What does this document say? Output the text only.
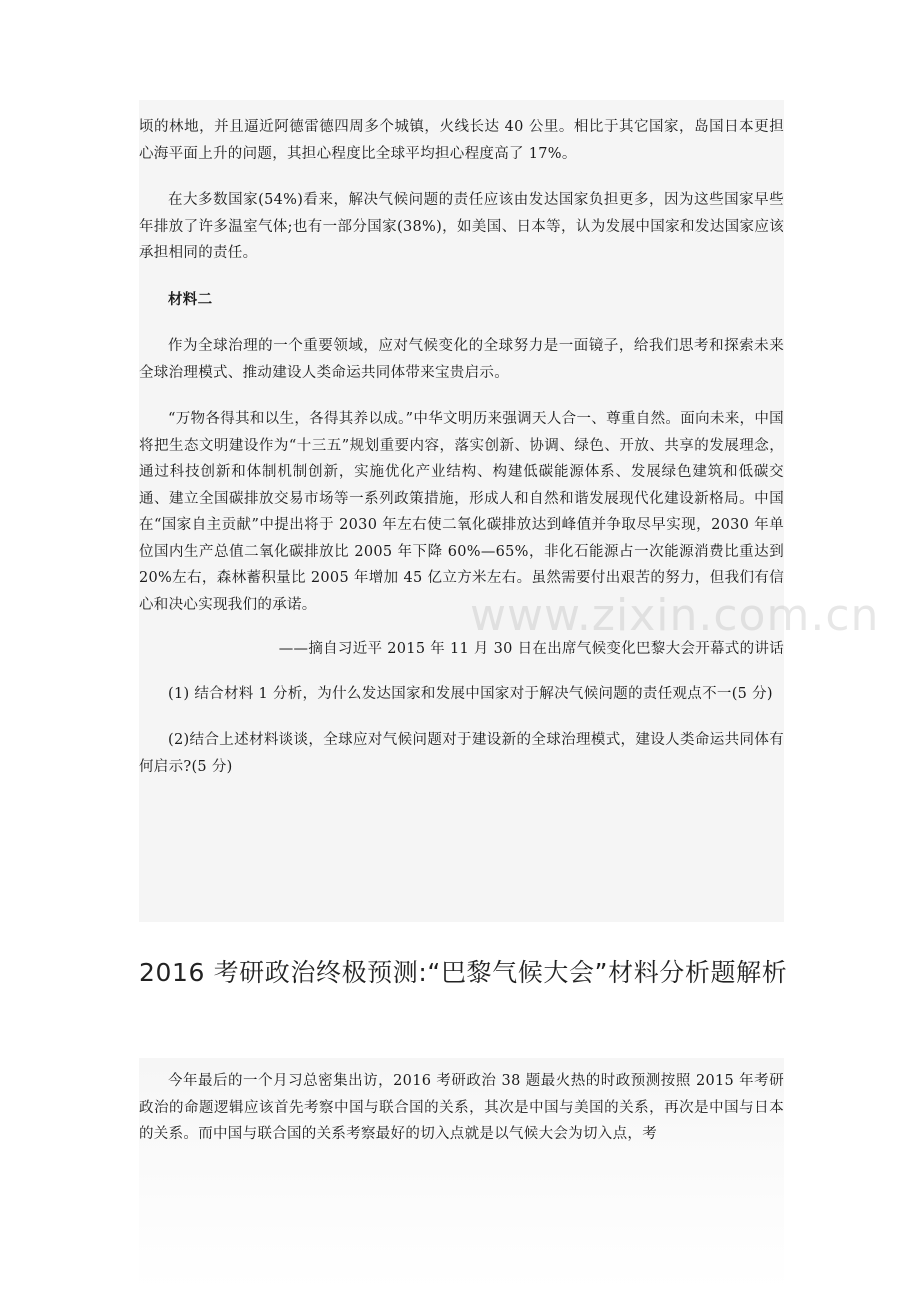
顷的林地，并且逼近阿德雷德四周多个城镇，火线长达 40 公里。相比于其它国家，岛国日本更担心海平面上升的问题，其担心程度比全球平均担心程度高了 17%。

在大多数国家(54%)看来，解决气候问题的责任应该由发达国家负担更多，因为这些国家早些年排放了许多温室气体;也有一部分国家(38%)，如美国、日本等，认为发展中国家和发达国家应该承担相同的责任。

材料二

作为全球治理的一个重要领域，应对气候变化的全球努力是一面镜子，给我们思考和探索未来全球治理模式、推动建设人类命运共同体带来宝贵启示。

“万物各得其和以生，各得其养以成。”中华文明历来强调天人合一、尊重自然。面向未来，中国将把生态文明建设作为“十三五”规划重要内容，落实创新、协调、绿色、开放、共享的发展理念，通过科技创新和体制机制创新，实施优化产业结构、构建低碳能源体系、发展绿色建筑和低碳交通、建立全国碳排放交易市场等一系列政策措施，形成人和自然和谐发展现代化建设新格局。中国在“国家自主贡献”中提出将于 2030 年左右使二氧化碳排放达到峰值并争取尽早实现，2030 年单位国内生产总值二氧化碳排放比 2005 年下降 60%—65%，非化石能源占一次能源消费比重达到 20%左右，森林蓄积量比 2005 年增加 45 亿立方米左右。虽然需要付出艰苦的努力，但我们有信心和决心实现我们的承诺。

——摘自习近平 2015 年 11 月 30 日在出席气候变化巴黎大会开幕式的讲话

(1) 结合材料 1 分析，为什么发达国家和发展中国家对于解决气候问题的责任观点不一(5 分)

(2)结合上述材料谈谈，全球应对气候问题对于建设新的全球治理模式，建设人类命运共同体有何启示?(5 分)

2016 考研政治终极预测:“巴黎气候大会”材料分析题解析

今年最后的一个月习总密集出访，2016 考研政治 38 题最火热的时政预测按照 2015 年考研政治的命题逻辑应该首先考察中国与联合国的关系，其次是中国与美国的关系，再次是中国与日本的关系。而中国与联合国的关系考察最好的切入点就是以气候大会为切入点，考

www.zixin.com.cn
